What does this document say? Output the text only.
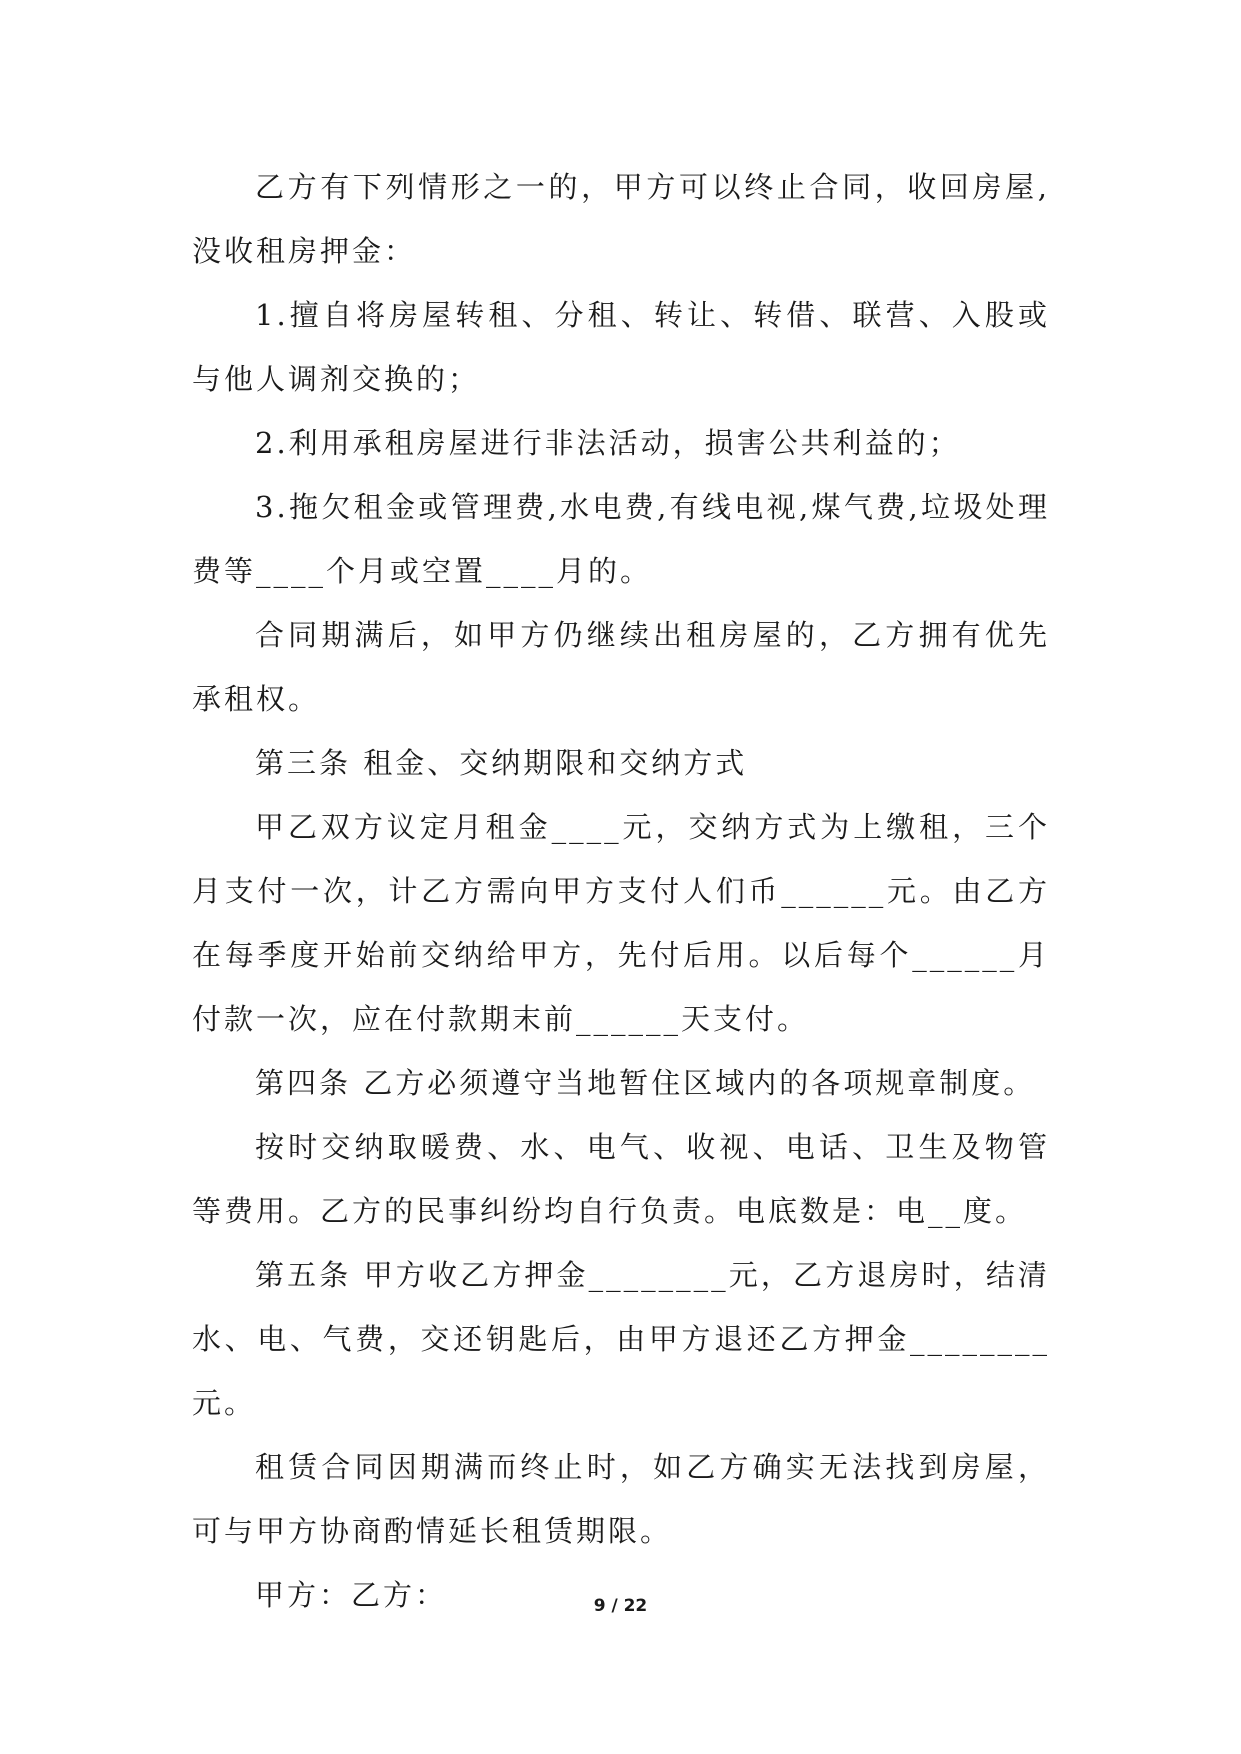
乙方有下列情形之一的，甲方可以终止合同，收回房屋,没收租房押金：

1.擅自将房屋转租、分租、转让、转借、联营、入股或与他人调剂交换的；

2.利用承租房屋进行非法活动，损害公共利益的；

3.拖欠租金或管理费,水电费,有线电视,煤气费,垃圾处理费等____个月或空置____月的。

合同期满后，如甲方仍继续出租房屋的，乙方拥有优先承租权。

第三条 租金、交纳期限和交纳方式

甲乙双方议定月租金____元，交纳方式为上缴租，三个月支付一次，计乙方需向甲方支付人们币______元。由乙方在每季度开始前交纳给甲方，先付后用。以后每个______月付款一次，应在付款期末前______天支付。

第四条 乙方必须遵守当地暂住区域内的各项规章制度。

按时交纳取暖费、水、电气、收视、电话、卫生及物管等费用。乙方的民事纠纷均自行负责。电底数是：电__度。

第五条 甲方收乙方押金________元，乙方退房时，结清水、电、气费，交还钥匙后，由甲方退还乙方押金________元。

租赁合同因期满而终止时，如乙方确实无法找到房屋，可与甲方协商酌情延长租赁期限。

甲方：乙方：	9 / 22
